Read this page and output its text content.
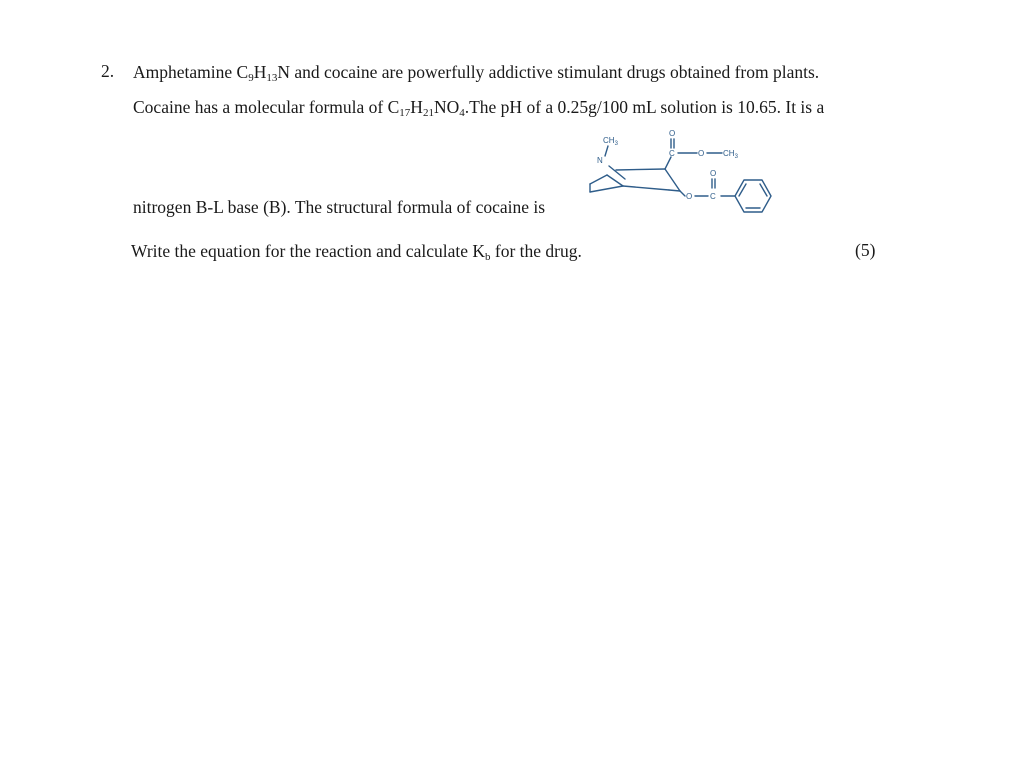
2. Amphetamine $C_9H_{13}N$ and cocaine are powerfully addictive stimulant drugs obtained from plants.
Cocaine has a molecular formula of $C_{17}H_{21}NO_4.The$ pH of a 0.25g/100 mL solution is 10.65. It is a
$CH_3$
N
O
C	O $CH_3$
O
O C
nitrogen B-L base (B). The structural formula of cocaine is
Write the equation for the reaction and calculate $K_b$ for the drug.	(5)
